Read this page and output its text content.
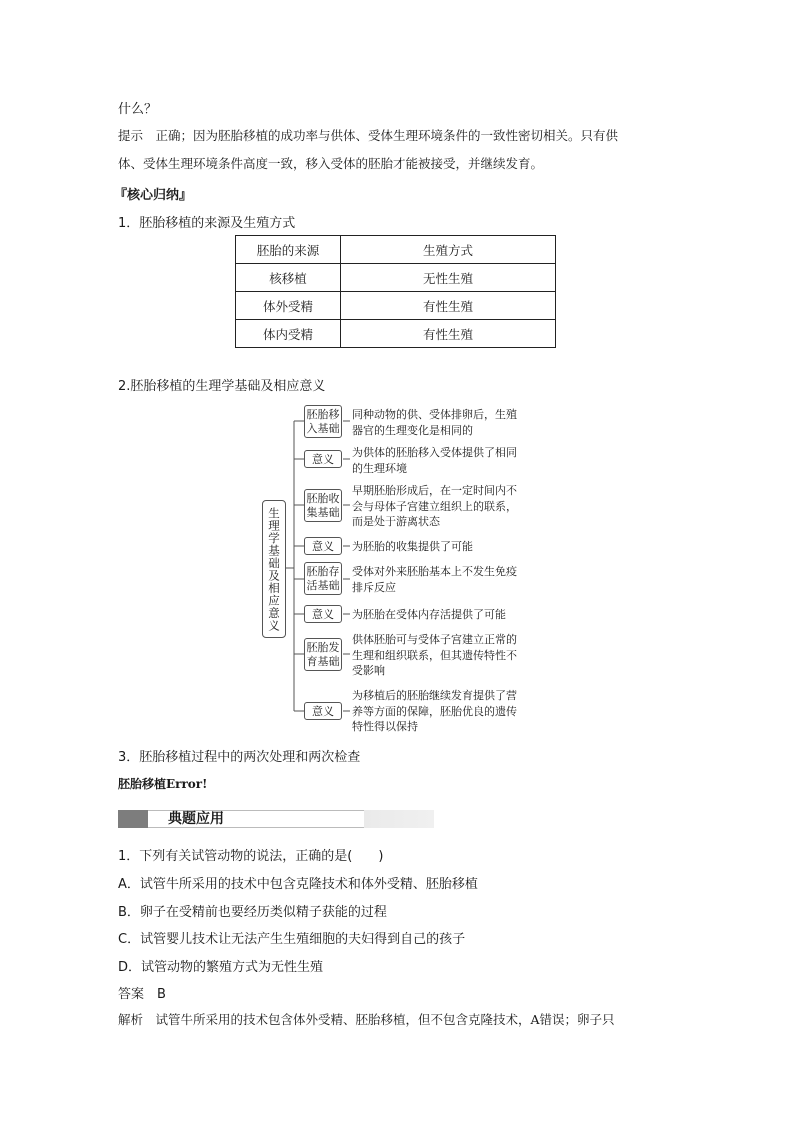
什么？
提示　正确；因为胚胎移植的成功率与供体、受体生理环境条件的一致性密切相关。只有供
体、受体生理环境条件高度一致，移入受体的胚胎才能被接受，并继续发育。
『核心归纳』
1．胚胎移植的来源及生殖方式
胚胎的来源	生殖方式
核移植	无性生殖
体外受精	有性生殖
体内受精	有性生殖
2.胚胎移植的生理学基础及相应意义
生理学基础及相应意义
胚胎移入基础
意义
胚胎收集基础
意义
胚胎存活基础
意义
胚胎发育基础
意义
同种动物的供、受体排卵后，生殖
器官的生理变化是相同的
为供体的胚胎移入受体提供了相同
的生理环境
早期胚胎形成后，在一定时间内不
会与母体子宫建立组织上的联系，
而是处于游离状态
为胚胎的收集提供了可能
受体对外来胚胎基本上不发生免疫
排斥反应
为胚胎在受体内存活提供了可能
供体胚胎可与受体子宫建立正常的
生理和组织联系，但其遗传特性不
受影响
为移植后的胚胎继续发育提供了营
养等方面的保障，胚胎优良的遗传
特性得以保持
3．胚胎移植过程中的两次处理和两次检查
胚胎移植Error!
典题应用
1．下列有关试管动物的说法，正确的是(　　)
A．试管牛所采用的技术中包含克隆技术和体外受精、胚胎移植
B．卵子在受精前也要经历类似精子获能的过程
C．试管婴儿技术让无法产生生殖细胞的夫妇得到自己的孩子
D．试管动物的繁殖方式为无性生殖
答案　B
解析　试管牛所采用的技术包含体外受精、胚胎移植，但不包含克隆技术，A错误；卵子只
